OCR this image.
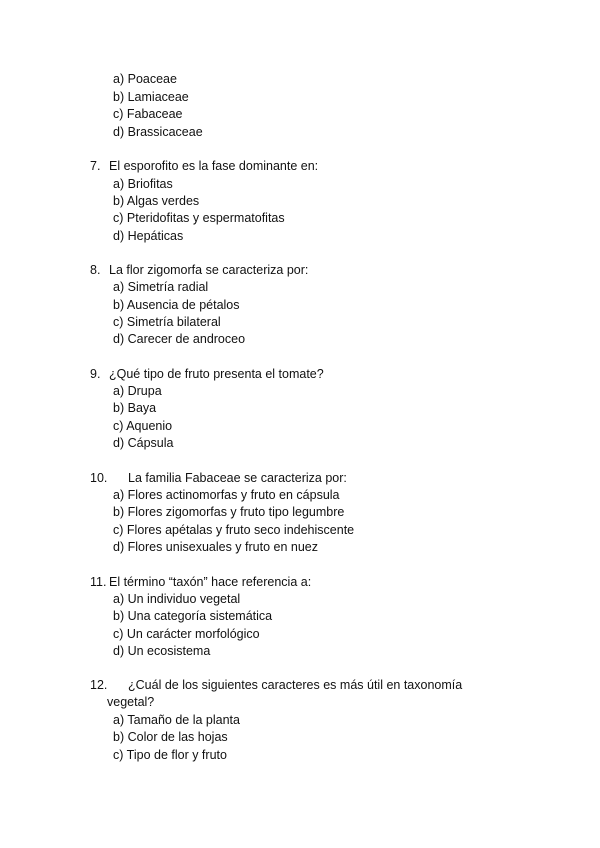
a) Poaceae
b) Lamiaceae
c) Fabaceae
d) Brassicaceae
7. El esporofito es la fase dominante en:
a) Briofitas
b) Algas verdes
c) Pteridofitas y espermatofitas
d) Hepáticas
8. La flor zigomorfa se caracteriza por:
a) Simetría radial
b) Ausencia de pétalos
c) Simetría bilateral
d) Carecer de androceo
9. ¿Qué tipo de fruto presenta el tomate?
a) Drupa
b) Baya
c) Aquenio
d) Cápsula
10. La familia Fabaceae se caracteriza por:
a) Flores actinomorfas y fruto en cápsula
b) Flores zigomorfas y fruto tipo legumbre
c) Flores apétalas y fruto seco indehiscente
d) Flores unisexuales y fruto en nuez
11. El término “taxón” hace referencia a:
a) Un individuo vegetal
b) Una categoría sistemática
c) Un carácter morfológico
d) Un ecosistema
12. ¿Cuál de los siguientes caracteres es más útil en taxonomía
vegetal?
a) Tamaño de la planta
b) Color de las hojas
c) Tipo de flor y fruto
